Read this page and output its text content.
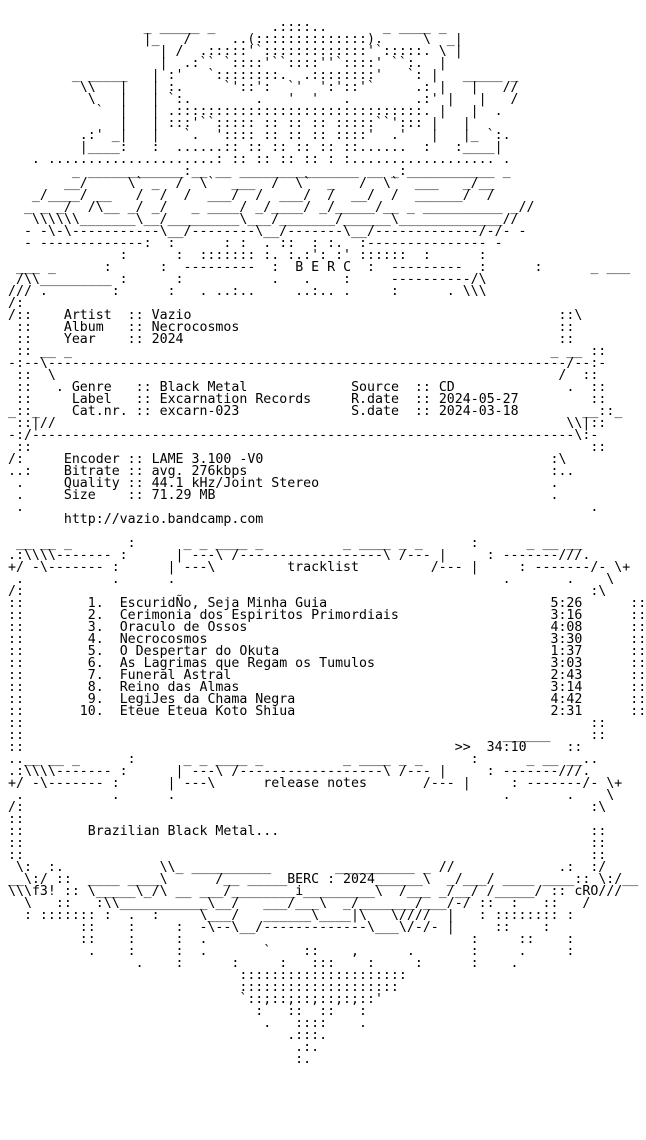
_ _____ _       .::::..       _ ____ _
|_   /     ..(::::::::::::::).     \  _|
| /  .:::::'`:::::::::::::'`:::::. \ |
|  .:`` `::::'``::::''`::::' ``:.  |
_ _____   | :'   `::::::::.  .::::::::'   `: |   _____ _
\\   |   | :.     `'::':  `'  ':'::'`     .: |   |   //
\   |   | `:.        .   '  '   .        .:' |   |   /
`  |   | .:::::::::::::::::::::::::::::::. |   |  .
|   | :::'``::::: :: :: :: :::::``'::: |   |
.:' _|   |   `.  ':::: :: :: :: ::::'  .'   |   |_ `:.
|____:   :  ......:: :: :: :: :: ::......  :   :____|
. .....................: :: :: :: :: : :.................. .
_ ____________:__ __ _______________ __ _:___________ _
__/     \` _  /  \`  ___  /  \`  _   /  \`  ___   _/__
_/____/ __   /  /  /  ___/  /  ___/  /  __/  /  ______/  /
_ _ _/  /\__ _/ _/   _ ____/ _/____/ _/_____/__ _ __________ _//
\\\\\\_______\__/_________\___/_______/______\_____________//
- -\-\-----------\__/--------\__/-------\__/-------------/-/- -
- -------------:  :      : :  . ::  : :.  :--------------- -
:      :  ::::::: :. :.:': :' ::::::  :      :
___ _      :      :  ---------  : B E R C :  ---------  :      :      _ ___
/\\_________ :      :           .   .    :     ----------/\
/// .        :      :   . ..:..     ..:.. .     :      . \\\
/:
/::    Artist  :: Vazio	::\
::    Album   :: Necrocosmos	::
::    Year    :: 2024	::
:: __ _                                                            _ __ ::
-:--\-----------------------------------------------------------------/--:-
::  \                                                               /  ::
::   . Genre   :: Black Metal	Source  :: CD	.  ::
::	Label   :: Excarnation Records	R.date  :: 2024-05-27	::
_::_    Cat.nr. :: excarn-023	S.date  :: 2024-03-18	__::_
::|//                                                                \\|::
-:/--------------------------------------------------------------------\:-
::                                                                      ::
/:	Encoder :: LAME 3.100 -V0	:\
..:    Bitrate :: avg. 276kbps	:..
.	Quality :: 44.1 kHz/Joint Stereo	.
.	Size    :: 71.29 MB	.
.                                                                       .
http://vazio.bandcamp.com

__ __ _       :      _ _ ____ _          _ ____ _ _      :      _ __ __
.:\\\\------- :      | ---\ /------------------\ /--- |     : -------///.
+/ -\------- :      | ---\	tracklist	/--- |     : -------/- \+
.           .      .                                         .       .    \
/:                                                                       :\
::	1.  EscuridÑo, Seja Minha Guia                            5:26	::
::	2.  Cerimonia dos Espiritos Primordiais                   3:16	::
::	3.  Oraculo de Ossos                                      4:08	::
::	4.  Necrocosmos                                           3:30	::
::	5.  O Despertar do Okuta                                  1:37	::
::	6.  As Lagrimas que Regam os Tumulos                      3:03	::
::	7.  Funeral Astral                                        2:43	::
::	8.  Reino das Almas                                       3:14	::
::	9.  LegiJes da Chama Negra                                4:42	::
::	10.  Eteue Eteua Koto Shiua                                2:31	::
::                                                                       ::
::                                                            ______     ::
::	>> 34:10	::
..__ __ _      :      _ _ ____ _          _ ____ _ _      :      _ __ __..
.:\\\\------- :      | ---\ /------------------\ /--- |     : -------///.
+/ -\------- :      | ---\	release notes	/--- |     : -------/- \+
.           .      .                                         .       .    \
/:                                                                       :\
::
::	Brazilian Black Metal...	::
::                                                                       ::
::                                                                       ::
\:  :.            \\_ __________        __________ _ //             .:  :/
__\:/ ::  ____ ____\      /__ _____BERC : 2024______\  _/___/ ____ ____:: \:/__
\\\f3! :: \_____\_/\ __ ___/________i_________\  /___ _/__/ /_____/ :: cRO///
\   ::   :\\___________\__/   ___/___\  _/_______/___/-/ ::  :   ::   /
: ::::::: :  .  :     \___/   ______\____|\   \////  |   : :::::::: :
::    :     :  -\--\__/-------------\___\/-/- |     ::    :
::    :     :  .                                 :     ::    :
.    :     :  .       `    ::    ,      .       :     .     :
.    :      :     :   :::    :     :      :    .
:::::::::::::::::::::
::::::::::::::::::::
`::;::;::;::;:;::'
:   ::  ::   :
.   ::::    .
.:::.
.:.
:.
